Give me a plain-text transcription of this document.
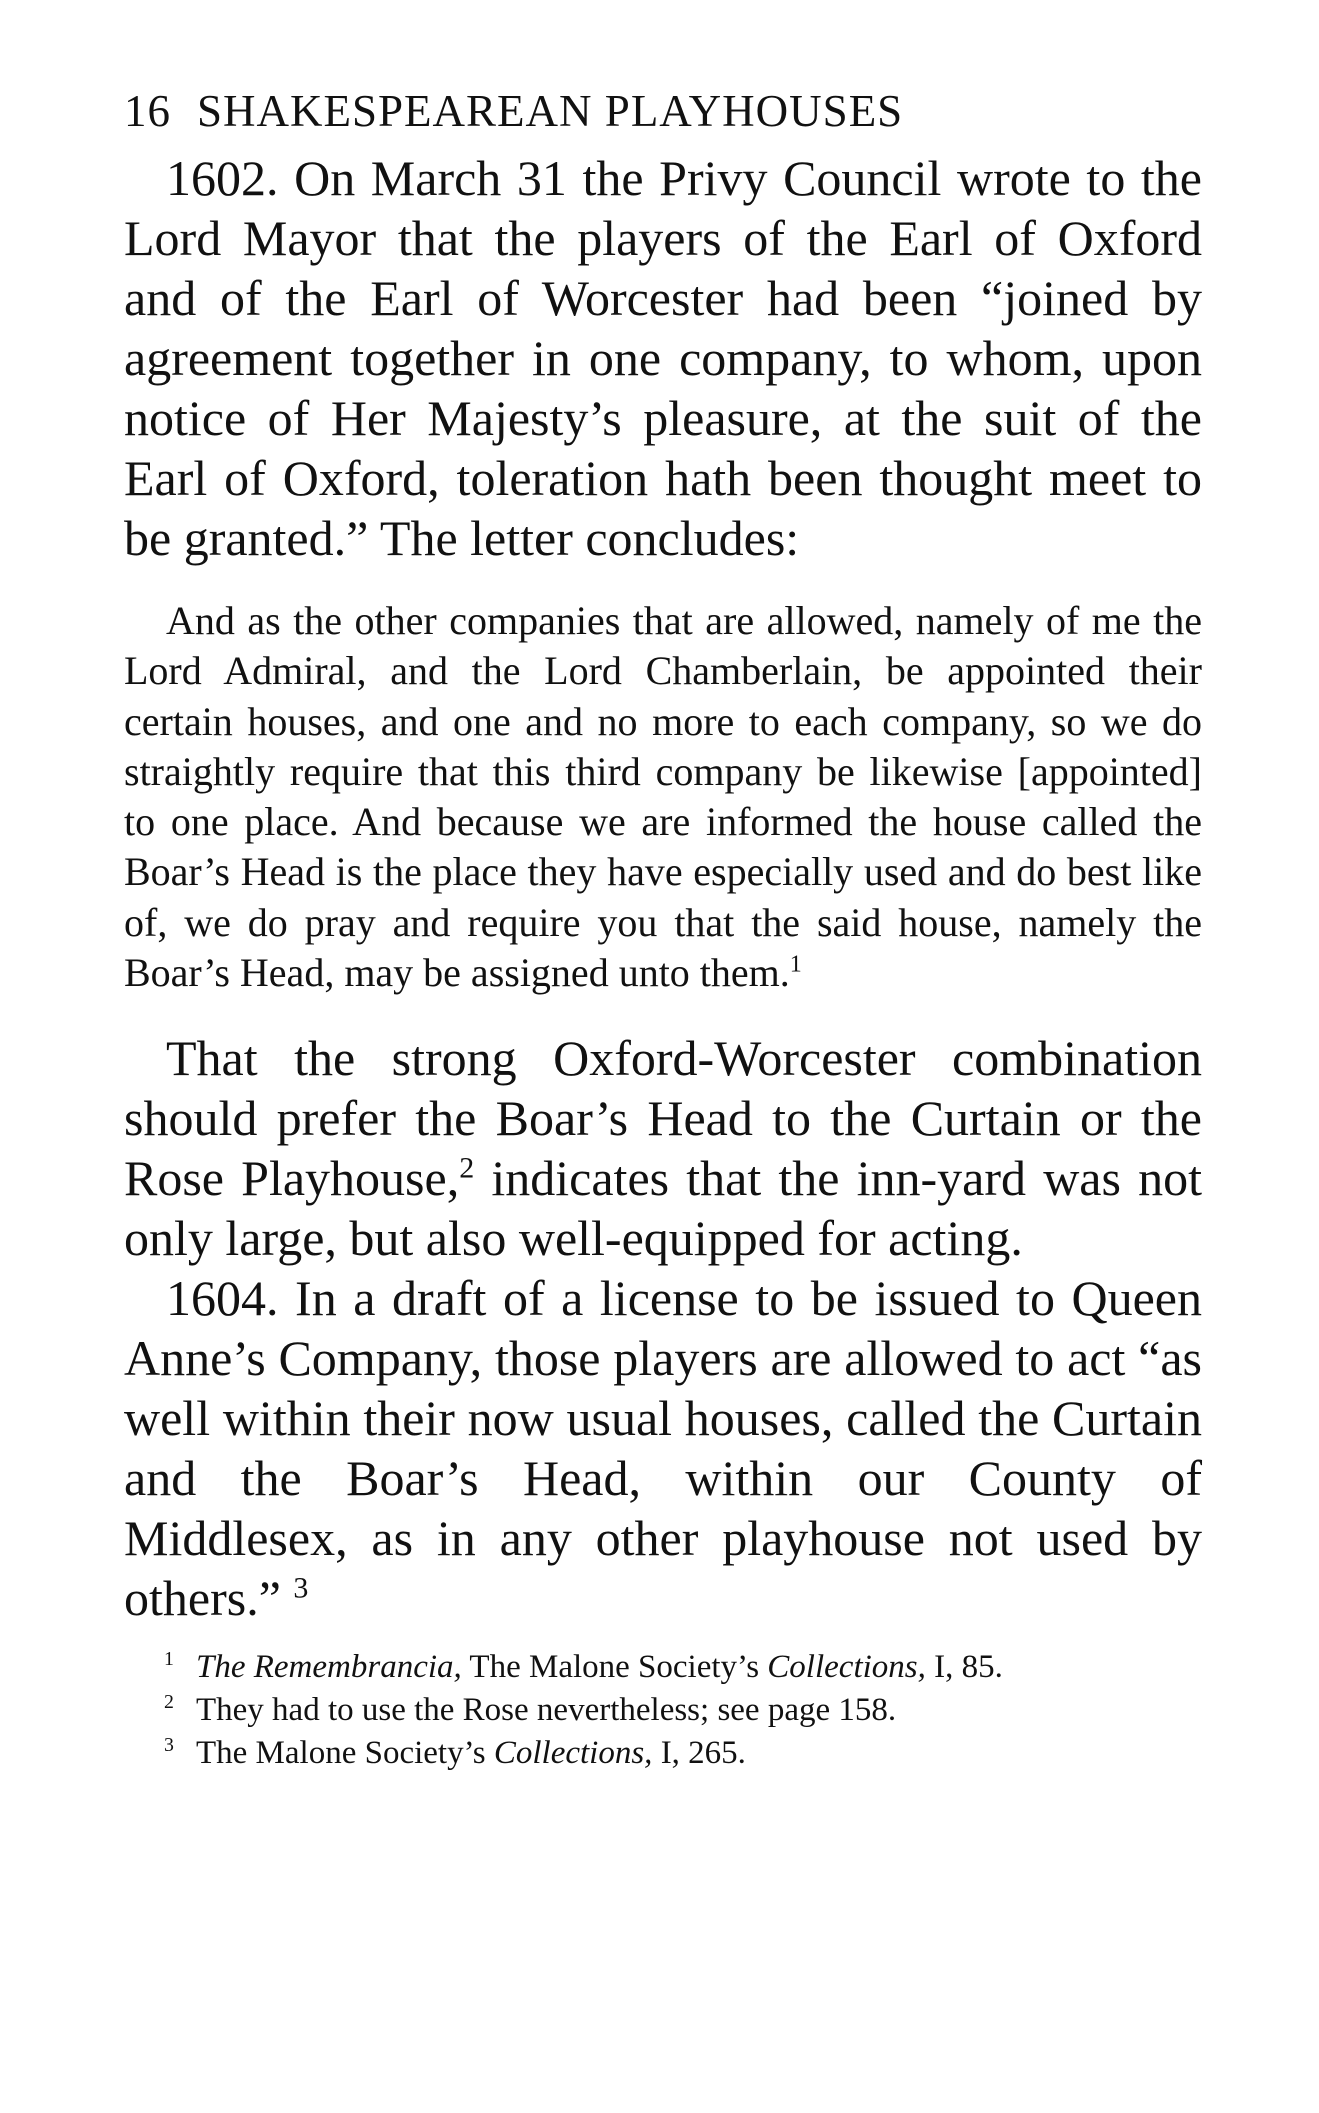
16 SHAKESPEAREAN PLAYHOUSES

1602. On March 31 the Privy Council wrote to the Lord Mayor that the players of the Earl of Oxford and of the Earl of Worcester had been “joined by agreement together in one company, to whom, upon notice of Her Majesty’s pleasure, at the suit of the Earl of Oxford, toleration hath been thought meet to be granted.” The letter concludes:

And as the other companies that are allowed, namely of me the Lord Admiral, and the Lord Chamberlain, be appointed their certain houses, and one and no more to each company, so we do straightly require that this third company be likewise [appointed] to one place. And because we are informed the house called the Boar’s Head is the place they have especially used and do best like of, we do pray and require you that the said house, namely the Boar’s Head, may be assigned unto them.$^1$

That the strong Oxford-Worcester combination should prefer the Boar’s Head to the Curtain or the Rose Playhouse,$^2$ indicates that the inn-yard was not only large, but also well-equipped for acting.

1604. In a draft of a license to be issued to Queen Anne’s Company, those players are allowed to act “as well within their now usual houses, called the Curtain and the Boar’s Head, within our County of Middlesex, as in any other playhouse not used by others.” $^3$

$^1$ The Remembrancia, The Malone Society’s Collections, I, 85.
$^2$ They had to use the Rose nevertheless; see page 158.
$^3$ The Malone Society’s Collections, I, 265.
